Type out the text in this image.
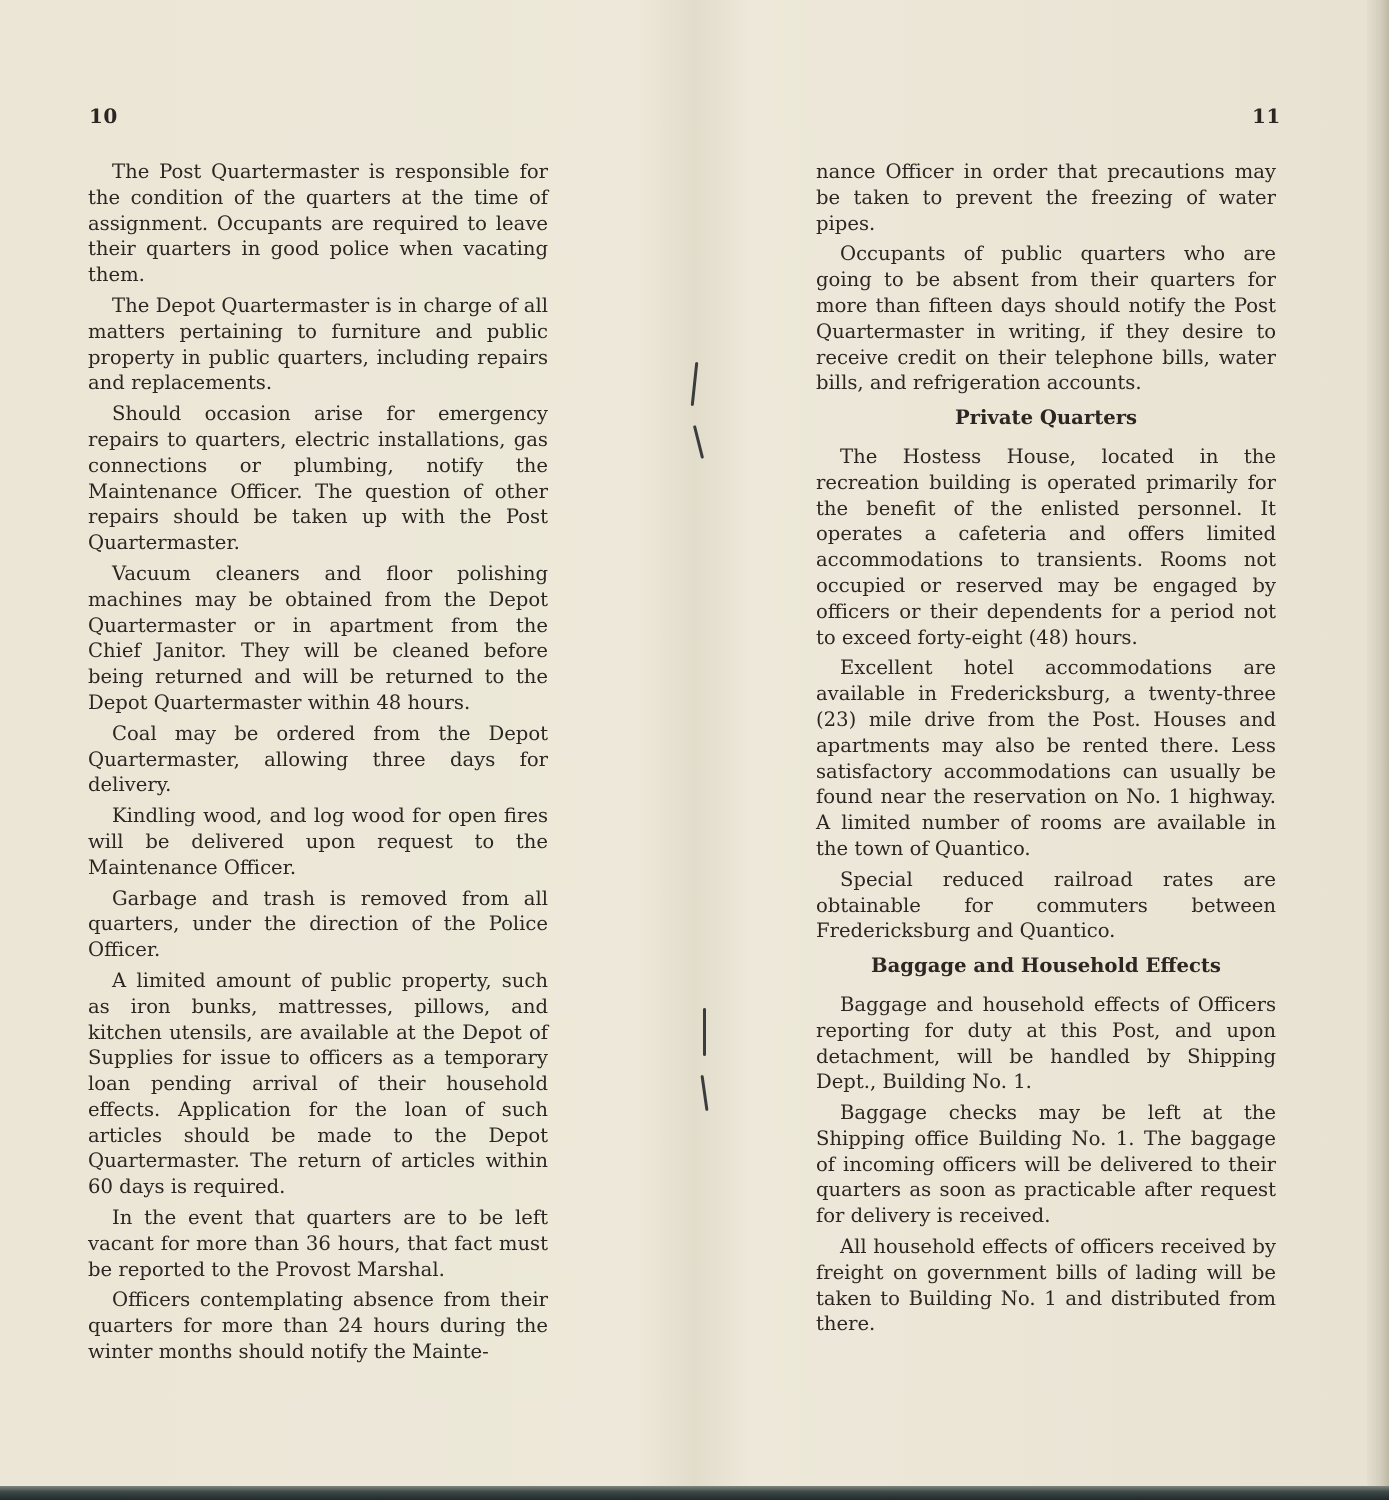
10	11

The Post Quartermaster is responsible for the condition of the quarters at the time of assignment. Occupants are required to leave their quarters in good police when vacating them.

The Depot Quartermaster is in charge of all matters pertaining to furniture and public property in public quarters, including repairs and replacements.

Should occasion arise for emergency repairs to quarters, electric installations, gas connections or plumbing, notify the Maintenance Officer. The question of other repairs should be taken up with the Post Quartermaster.

Vacuum cleaners and floor polishing machines may be obtained from the Depot Quartermaster or in apartment from the Chief Janitor. They will be cleaned before being returned and will be returned to the Depot Quartermaster within 48 hours.

Coal may be ordered from the Depot Quartermaster, allowing three days for delivery.

Kindling wood, and log wood for open fires will be delivered upon request to the Maintenance Officer.

Garbage and trash is removed from all quarters, under the direction of the Police Officer.

A limited amount of public property, such as iron bunks, mattresses, pillows, and kitchen utensils, are available at the Depot of Supplies for issue to officers as a temporary loan pending arrival of their household effects. Application for the loan of such articles should be made to the Depot Quartermaster. The return of articles within 60 days is required.

In the event that quarters are to be left vacant for more than 36 hours, that fact must be reported to the Provost Marshal.

Officers contemplating absence from their quarters for more than 24 hours during the winter months should notify the Mainte-

nance Officer in order that precautions may be taken to prevent the freezing of water pipes.

Occupants of public quarters who are going to be absent from their quarters for more than fifteen days should notify the Post Quartermaster in writing, if they desire to receive credit on their telephone bills, water bills, and refrigeration accounts.

Private Quarters

The Hostess House, located in the recreation building is operated primarily for the benefit of the enlisted personnel. It operates a cafeteria and offers limited accommodations to transients. Rooms not occupied or reserved may be engaged by officers or their dependents for a period not to exceed forty-eight (48) hours.

Excellent hotel accommodations are available in Fredericksburg, a twenty-three (23) mile drive from the Post. Houses and apartments may also be rented there. Less satisfactory accommodations can usually be found near the reservation on No. 1 highway. A limited number of rooms are available in the town of Quantico.

Special reduced railroad rates are obtainable for commuters between Fredericksburg and Quantico.

Baggage and Household Effects

Baggage and household effects of Officers reporting for duty at this Post, and upon detachment, will be handled by Shipping Dept., Building No. 1.

Baggage checks may be left at the Shipping office Building No. 1. The baggage of incoming officers will be delivered to their quarters as soon as practicable after request for delivery is received.

All household effects of officers received by freight on government bills of lading will be taken to Building No. 1 and distributed from there.
